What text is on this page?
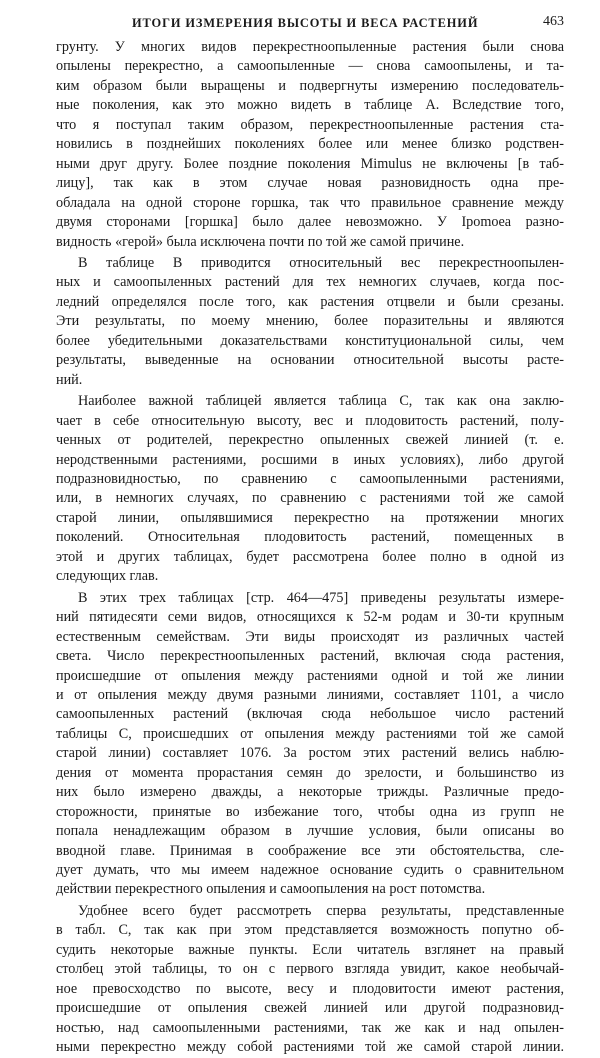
ИТОГИ ИЗМЕРЕНИЯ ВЫСОТЫ И ВЕСА РАСТЕНИЙ	463
грунту. У многих видов перекрестноопыленные растения были снова
опылены перекрестно, а самоопыленные — снова самоопылены, и та-
ким образом были выращены и подвергнуты измерению последователь-
ные поколения, как это можно видеть в таблице А. Вследствие того,
что я поступал таким образом, перекрестноопыленные растения ста-
новились в позднейших поколениях более или менее близко родствен-
ными друг другу. Более поздние поколения Mimulus не включены [в таб-
лицу], так как в этом случае новая разновидность одна пре-
обладала на одной стороне горшка, так что правильное сравнение между
двумя сторонами [горшка] было далее невозможно. У Ipomoea разно-
видность «герой» была исключена почти по той же самой причине.
В таблице В приводится относительный вес перекрестноопылен-
ных и самоопыленных растений для тех немногих случаев, когда пос-
ледний определялся после того, как растения отцвели и были срезаны.
Эти результаты, по моему мнению, более поразительны и являются
более убедительными доказательствами конституциональной силы, чем
результаты, выведенные на основании относительной высоты расте-
ний.
Наиболее важной таблицей является таблица С, так как она заклю-
чает в себе относительную высоту, вес и плодовитость растений, полу-
ченных от родителей, перекрестно опыленных свежей линией (т. е.
неродственными растениями, росшими в иных условиях), либо другой
подразновидностью, по сравнению с самоопыленными растениями,
или, в немногих случаях, по сравнению с растениями той же самой
старой линии, опылявшимися перекрестно на протяжении многих
поколений. Относительная плодовитость растений, помещенных в
этой и других таблицах, будет рассмотрена более полно в одной из
следующих глав.
В этих трех таблицах [стр. 464—475] приведены результаты измере-
ний пятидесяти семи видов, относящихся к 52-м родам и 30-ти крупным
естественным семействам. Эти виды происходят из различных частей
света. Число перекрестноопыленных растений, включая сюда растения,
происшедшие от опыления между растениями одной и той же линии
и от опыления между двумя разными линиями, составляет 1101, а число
самоопыленных растений (включая сюда небольшое число растений
таблицы С, происшедших от опыления между растениями той же самой
старой линии) составляет 1076. За ростом этих растений велись наблю-
дения от момента прорастания семян до зрелости, и большинство из
них было измерено дважды, а некоторые трижды. Различные предо-
сторожности, принятые во избежание того, чтобы одна из групп не
попала ненадлежащим образом в лучшие условия, были описаны во
вводной главе. Принимая в соображение все эти обстоятельства, сле-
дует думать, что мы имеем надежное основание судить о сравнительном
действии перекрестного опыления и самоопыления на рост потомства.
Удобнее всего будет рассмотреть сперва результаты, представленные
в табл. С, так как при этом представляется возможность попутно об-
судить некоторые важные пункты. Если читатель взглянет на правый
столбец этой таблицы, то он с первого взгляда увидит, какое необычай-
ное превосходство по высоте, весу и плодовитости имеют растения,
происшедшие от опыления свежей линией или другой подразновид-
ностью, над самоопыленными растениями, так же как и над опылен-
ными перекрестно между собой растениями той же самой старой линии.
